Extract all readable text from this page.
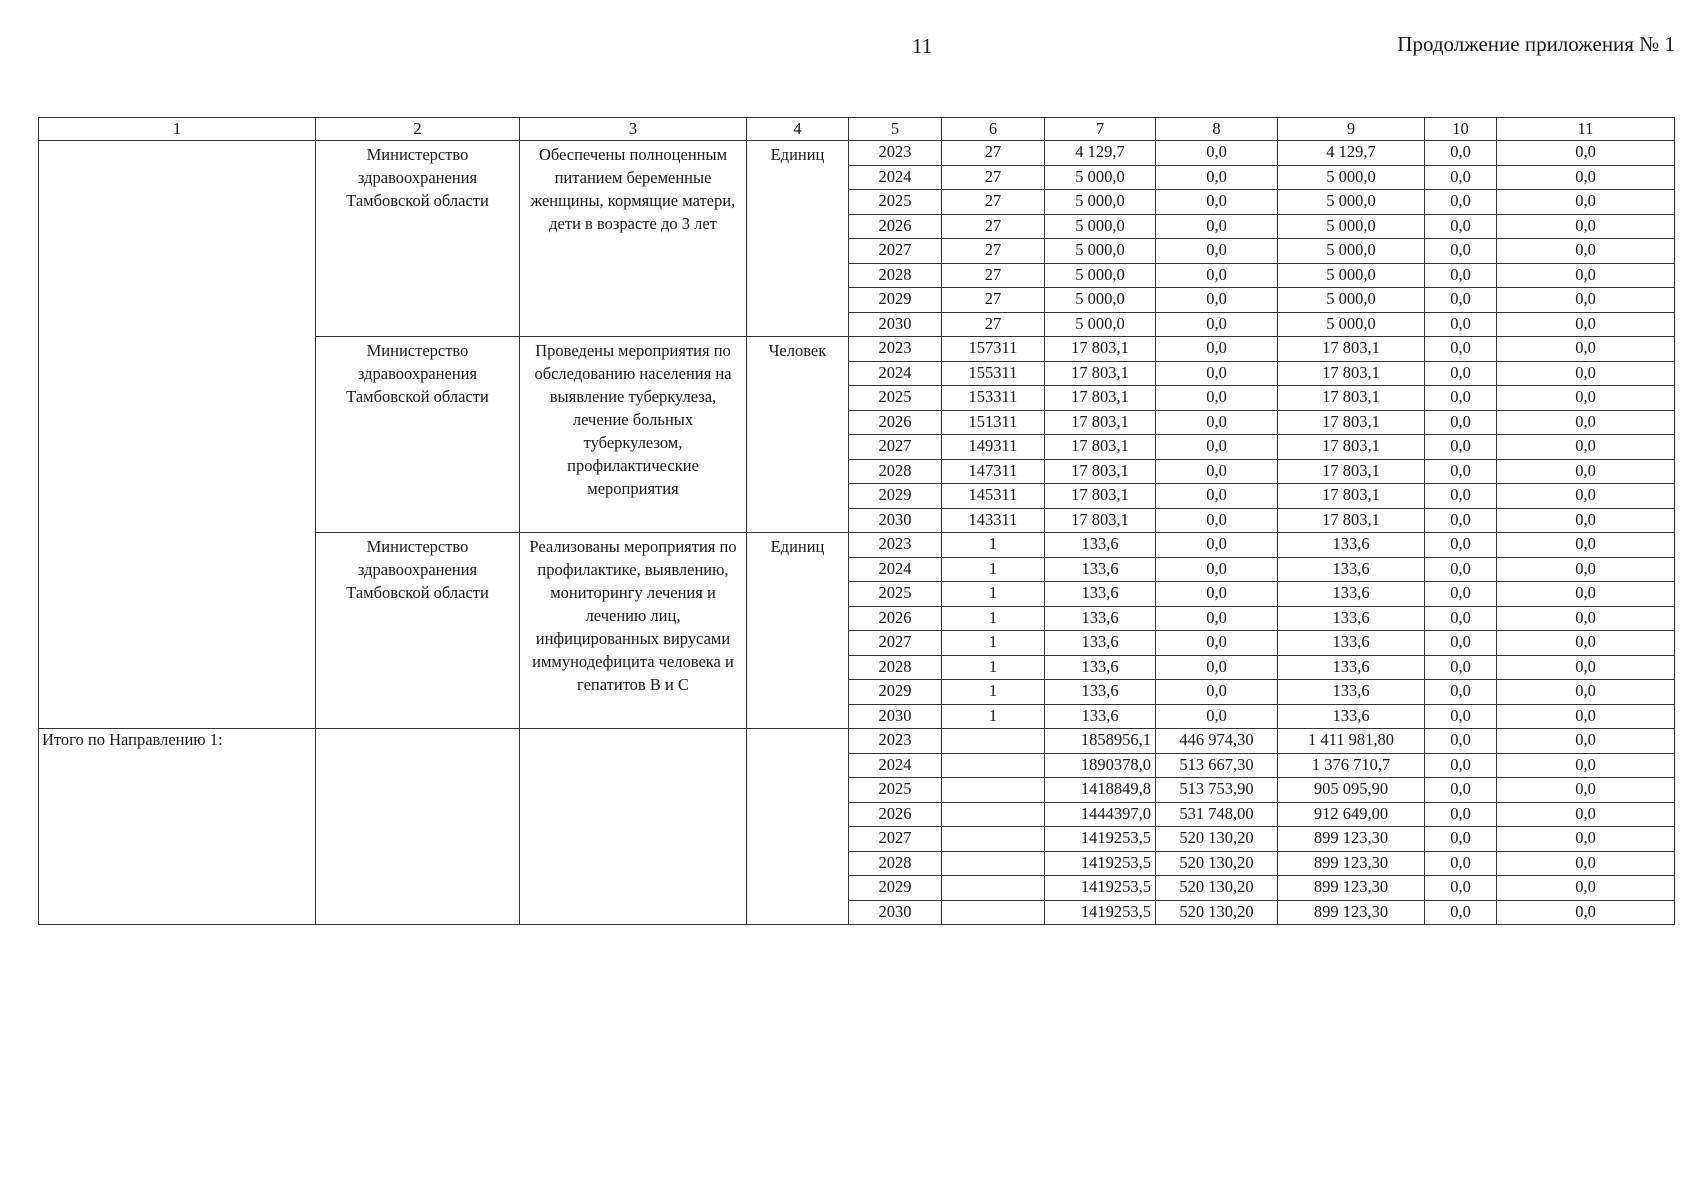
11	Продолжение приложения № 1
1	2	3	4	5	6	7	8	9	10	11
	Министерство здравоохранения Тамбовской области	Обеспечены полноценным питанием беременные женщины, кормящие матери, дети в возрасте до 3 лет	Единиц	2023	27	4 129,7	0,0	4 129,7	0,0	0,0
				2024	27	5 000,0	0,0	5 000,0	0,0	0,0
				2025	27	5 000,0	0,0	5 000,0	0,0	0,0
				2026	27	5 000,0	0,0	5 000,0	0,0	0,0
				2027	27	5 000,0	0,0	5 000,0	0,0	0,0
				2028	27	5 000,0	0,0	5 000,0	0,0	0,0
				2029	27	5 000,0	0,0	5 000,0	0,0	0,0
				2030	27	5 000,0	0,0	5 000,0	0,0	0,0
	Министерство здравоохранения Тамбовской области	Проведены мероприятия по обследованию населения на выявление туберкулеза, лечение больных туберкулезом, профилактические мероприятия	Человек	2023	157311	17 803,1	0,0	17 803,1	0,0	0,0
				2024	155311	17 803,1	0,0	17 803,1	0,0	0,0
				2025	153311	17 803,1	0,0	17 803,1	0,0	0,0
				2026	151311	17 803,1	0,0	17 803,1	0,0	0,0
				2027	149311	17 803,1	0,0	17 803,1	0,0	0,0
				2028	147311	17 803,1	0,0	17 803,1	0,0	0,0
				2029	145311	17 803,1	0,0	17 803,1	0,0	0,0
				2030	143311	17 803,1	0,0	17 803,1	0,0	0,0

	Министерство здравоохранения Тамбовской области	Реализованы мероприятия по профилактике, выявлению, мониторингу лечения и лечению лиц, инфицированных вирусами иммунодефицита человека и гепатитов В и С	Единиц	2023	1	133,6	0,0	133,6	0,0	0,0
				2024	1	133,6	0,0	133,6	0,0	0,0
				2025	1	133,6	0,0	133,6	0,0	0,0
				2026	1	133,6	0,0	133,6	0,0	0,0
				2027	1	133,6	0,0	133,6	0,0	0,0
				2028	1	133,6	0,0	133,6	0,0	0,0
				2029	1	133,6	0,0	133,6	0,0	0,0
				2030	1	133,6	0,0	133,6	0,0	0,0

Итого по Направлению 1:				2023		1858956,1	446 974,30	1 411 981,80	0,0	0,0
				2024		1890378,0	513 667,30	1 376 710,7	0,0	0,0
				2025		1418849,8	513 753,90	905 095,90	0,0	0,0
				2026		1444397,0	531 748,00	912 649,00	0,0	0,0
				2027		1419253,5	520 130,20	899 123,30	0,0	0,0
				2028		1419253,5	520 130,20	899 123,30	0,0	0,0
				2029		1419253,5	520 130,20	899 123,30	0,0	0,0
				2030		1419253,5	520 130,20	899 123,30	0,0	0,0
